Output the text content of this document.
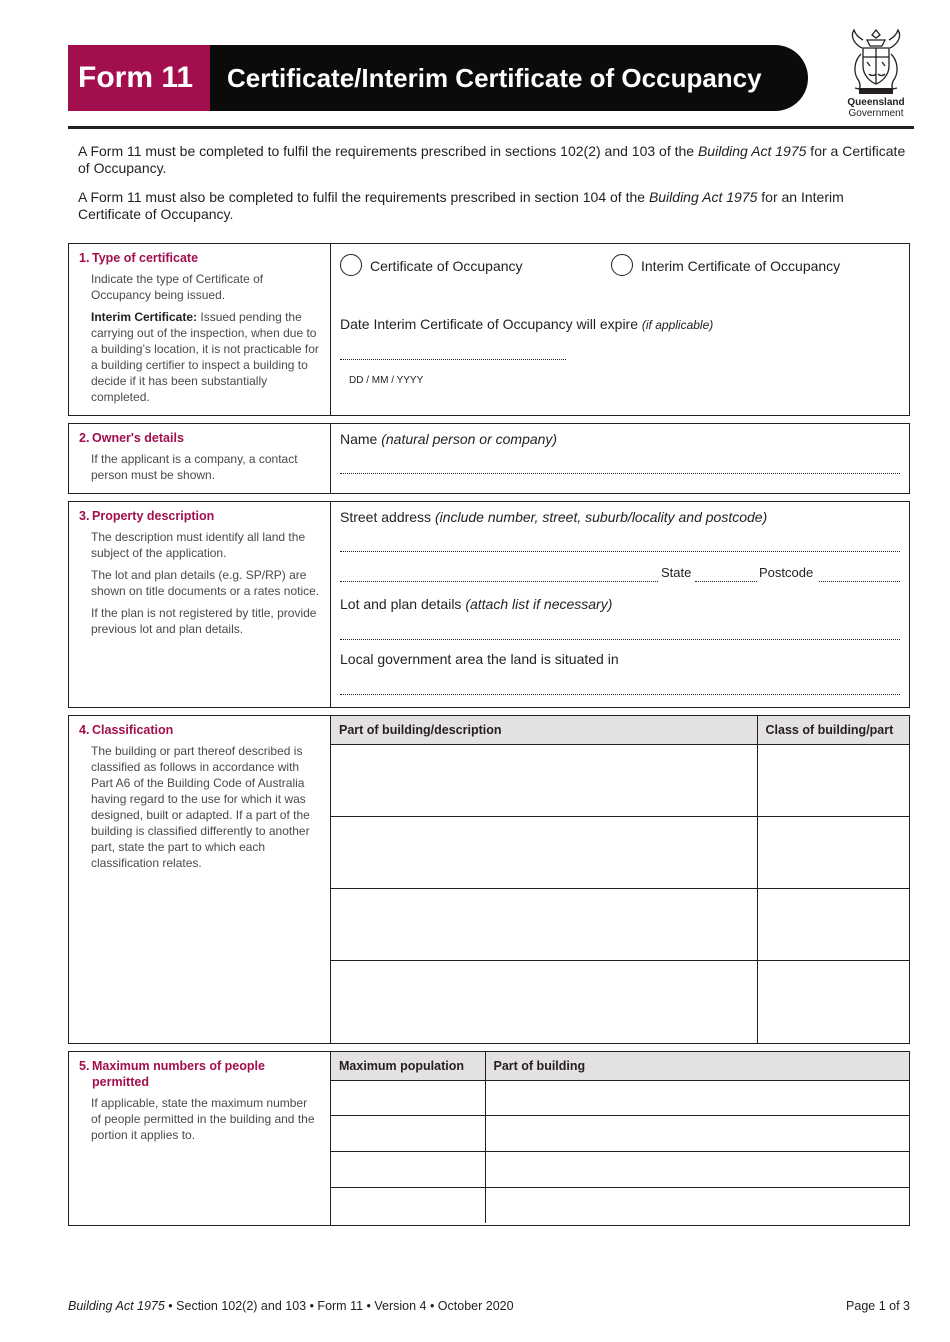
Form 11	Certificate/Interim Certificate of Occupancy
Queensland
Government
A Form 11 must be completed to fulfil the requirements prescribed in sections 102(2) and 103 of the Building Act 1975 for a Certificate of Occupancy.
A Form 11 must also be completed to fulfil the requirements prescribed in section 104 of the Building Act 1975 for an Interim Certificate of Occupancy.
1. Type of certificate
Indicate the type of Certificate of Occupancy being issued.
Interim Certificate: Issued pending the carrying out of the inspection, when due to a building’s location, it is not practicable for a building certifier to inspect a building to decide if it has been substantially completed.
Certificate of Occupancy	Interim Certificate of Occupancy
Date Interim Certificate of Occupancy will expire (if applicable)
DD / MM / YYYY
2. Owner's details
If the applicant is a company, a contact person must be shown.
Name (natural person or company)
3. Property description
The description must identify all land the subject of the application.
The lot and plan details (e.g. SP/RP) are shown on title documents or a rates notice.
If the plan is not registered by title, provide previous lot and plan details.
Street address (include number, street, suburb/locality and postcode)
State	Postcode
Lot and plan details (attach list if necessary)
Local government area the land is situated in
4. Classification
The building or part thereof described is classified as follows in accordance with Part A6 of the Building Code of Australia having regard to the use for which it was designed, built or adapted. If a part of the building is classified differently to another part, state the part to which each classification relates.
Part of building/description	Class of building/part

5. Maximum numbers of people permitted
If applicable, state the maximum number of people permitted in the building and the portion it applies to.
Maximum population	Part of building

Building Act 1975 • Section 102(2) and 103 • Form 11 • Version 4 • October 2020	Page 1 of 3
